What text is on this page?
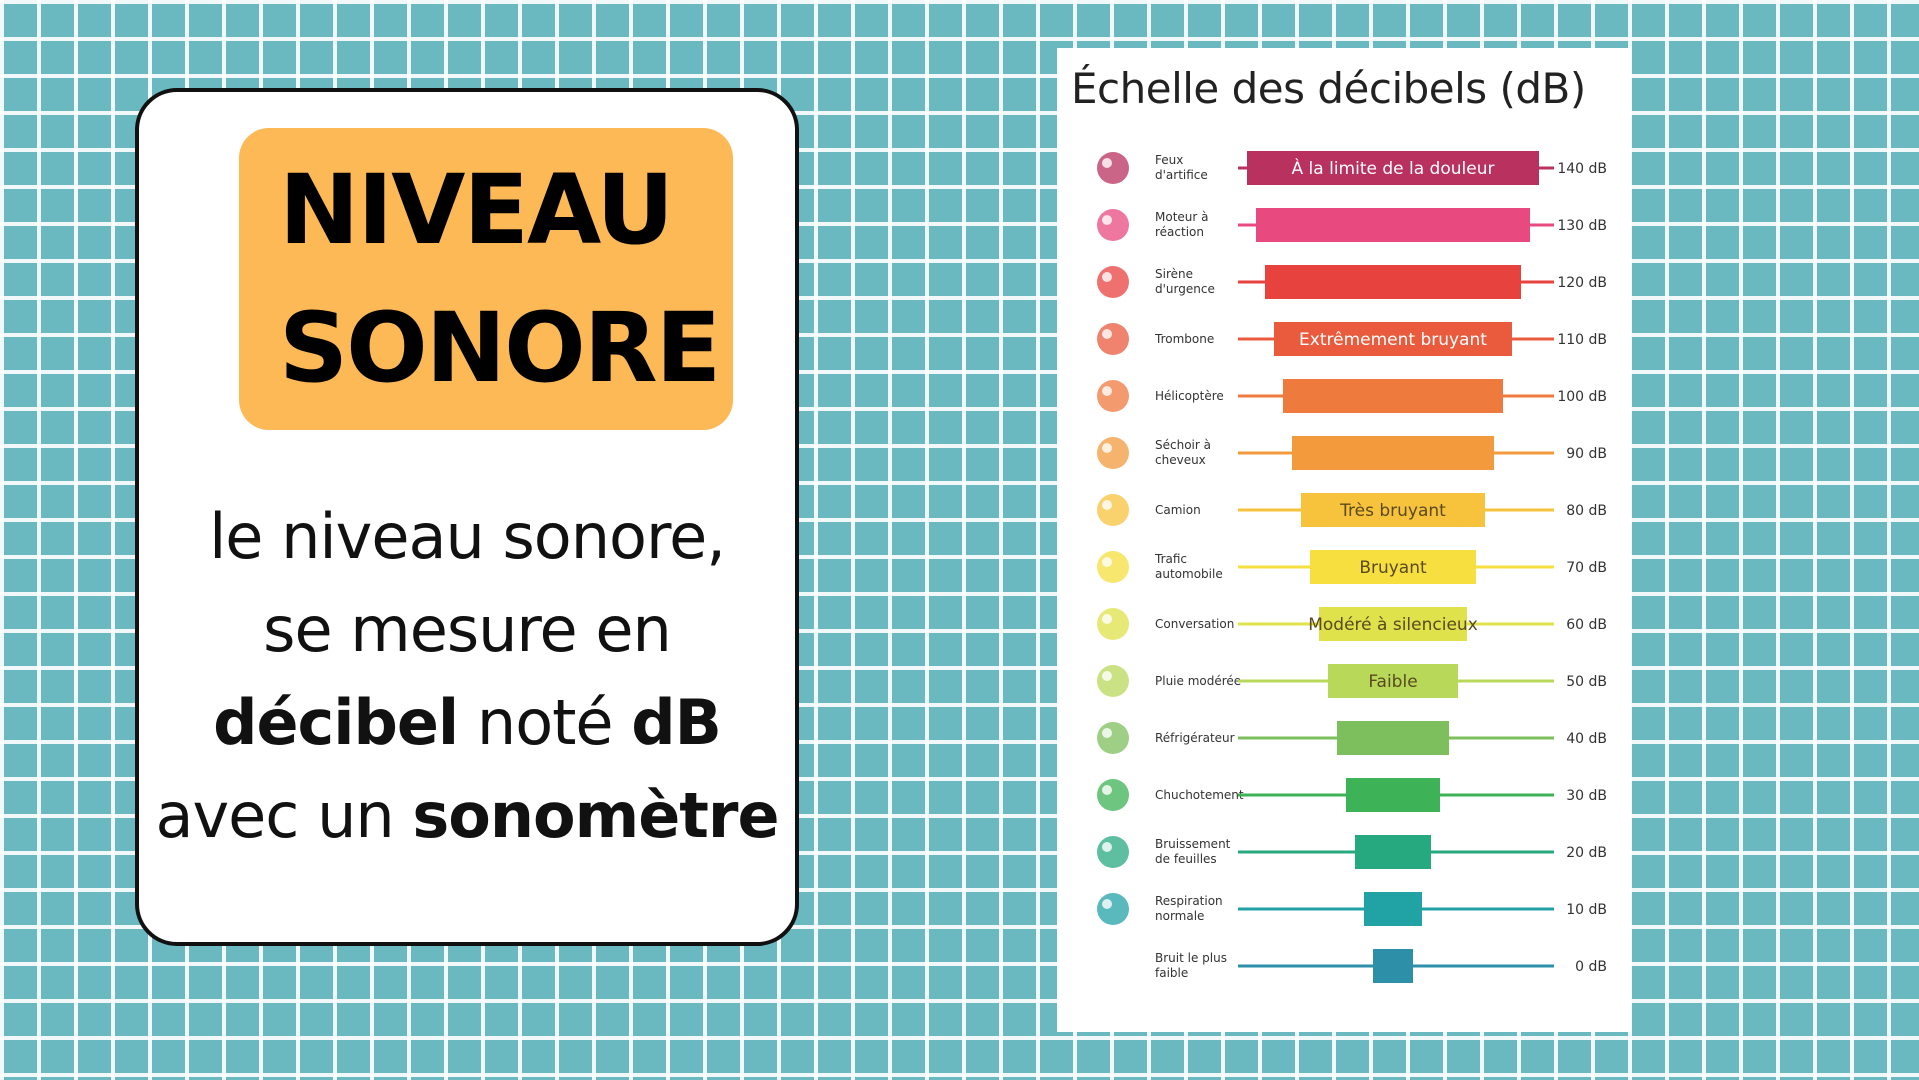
NIVEAU
SONORE
le niveau sonore,
se mesure en
décibel noté dB
avec un sonomètre
Échelle des décibels (dB)
Feux
d'artifice	À la limite de la douleur	140 dB
Moteur à
réaction	130 dB
Sirène
d'urgence	120 dB
Trombone	Extrêmement bruyant	110 dB
Hélicoptère	100 dB
Séchoir à
cheveux	90 dB
Camion	Très bruyant	80 dB
Trafic
automobile	Bruyant	70 dB
Conversation	Modéré à silencieux	60 dB
Pluie modérée	Faible	50 dB
Réfrigérateur	40 dB
Chuchotement	30 dB
Bruissement
de feuilles	20 dB
Respiration
normale	10 dB
Bruit le plus
faible	0 dB
